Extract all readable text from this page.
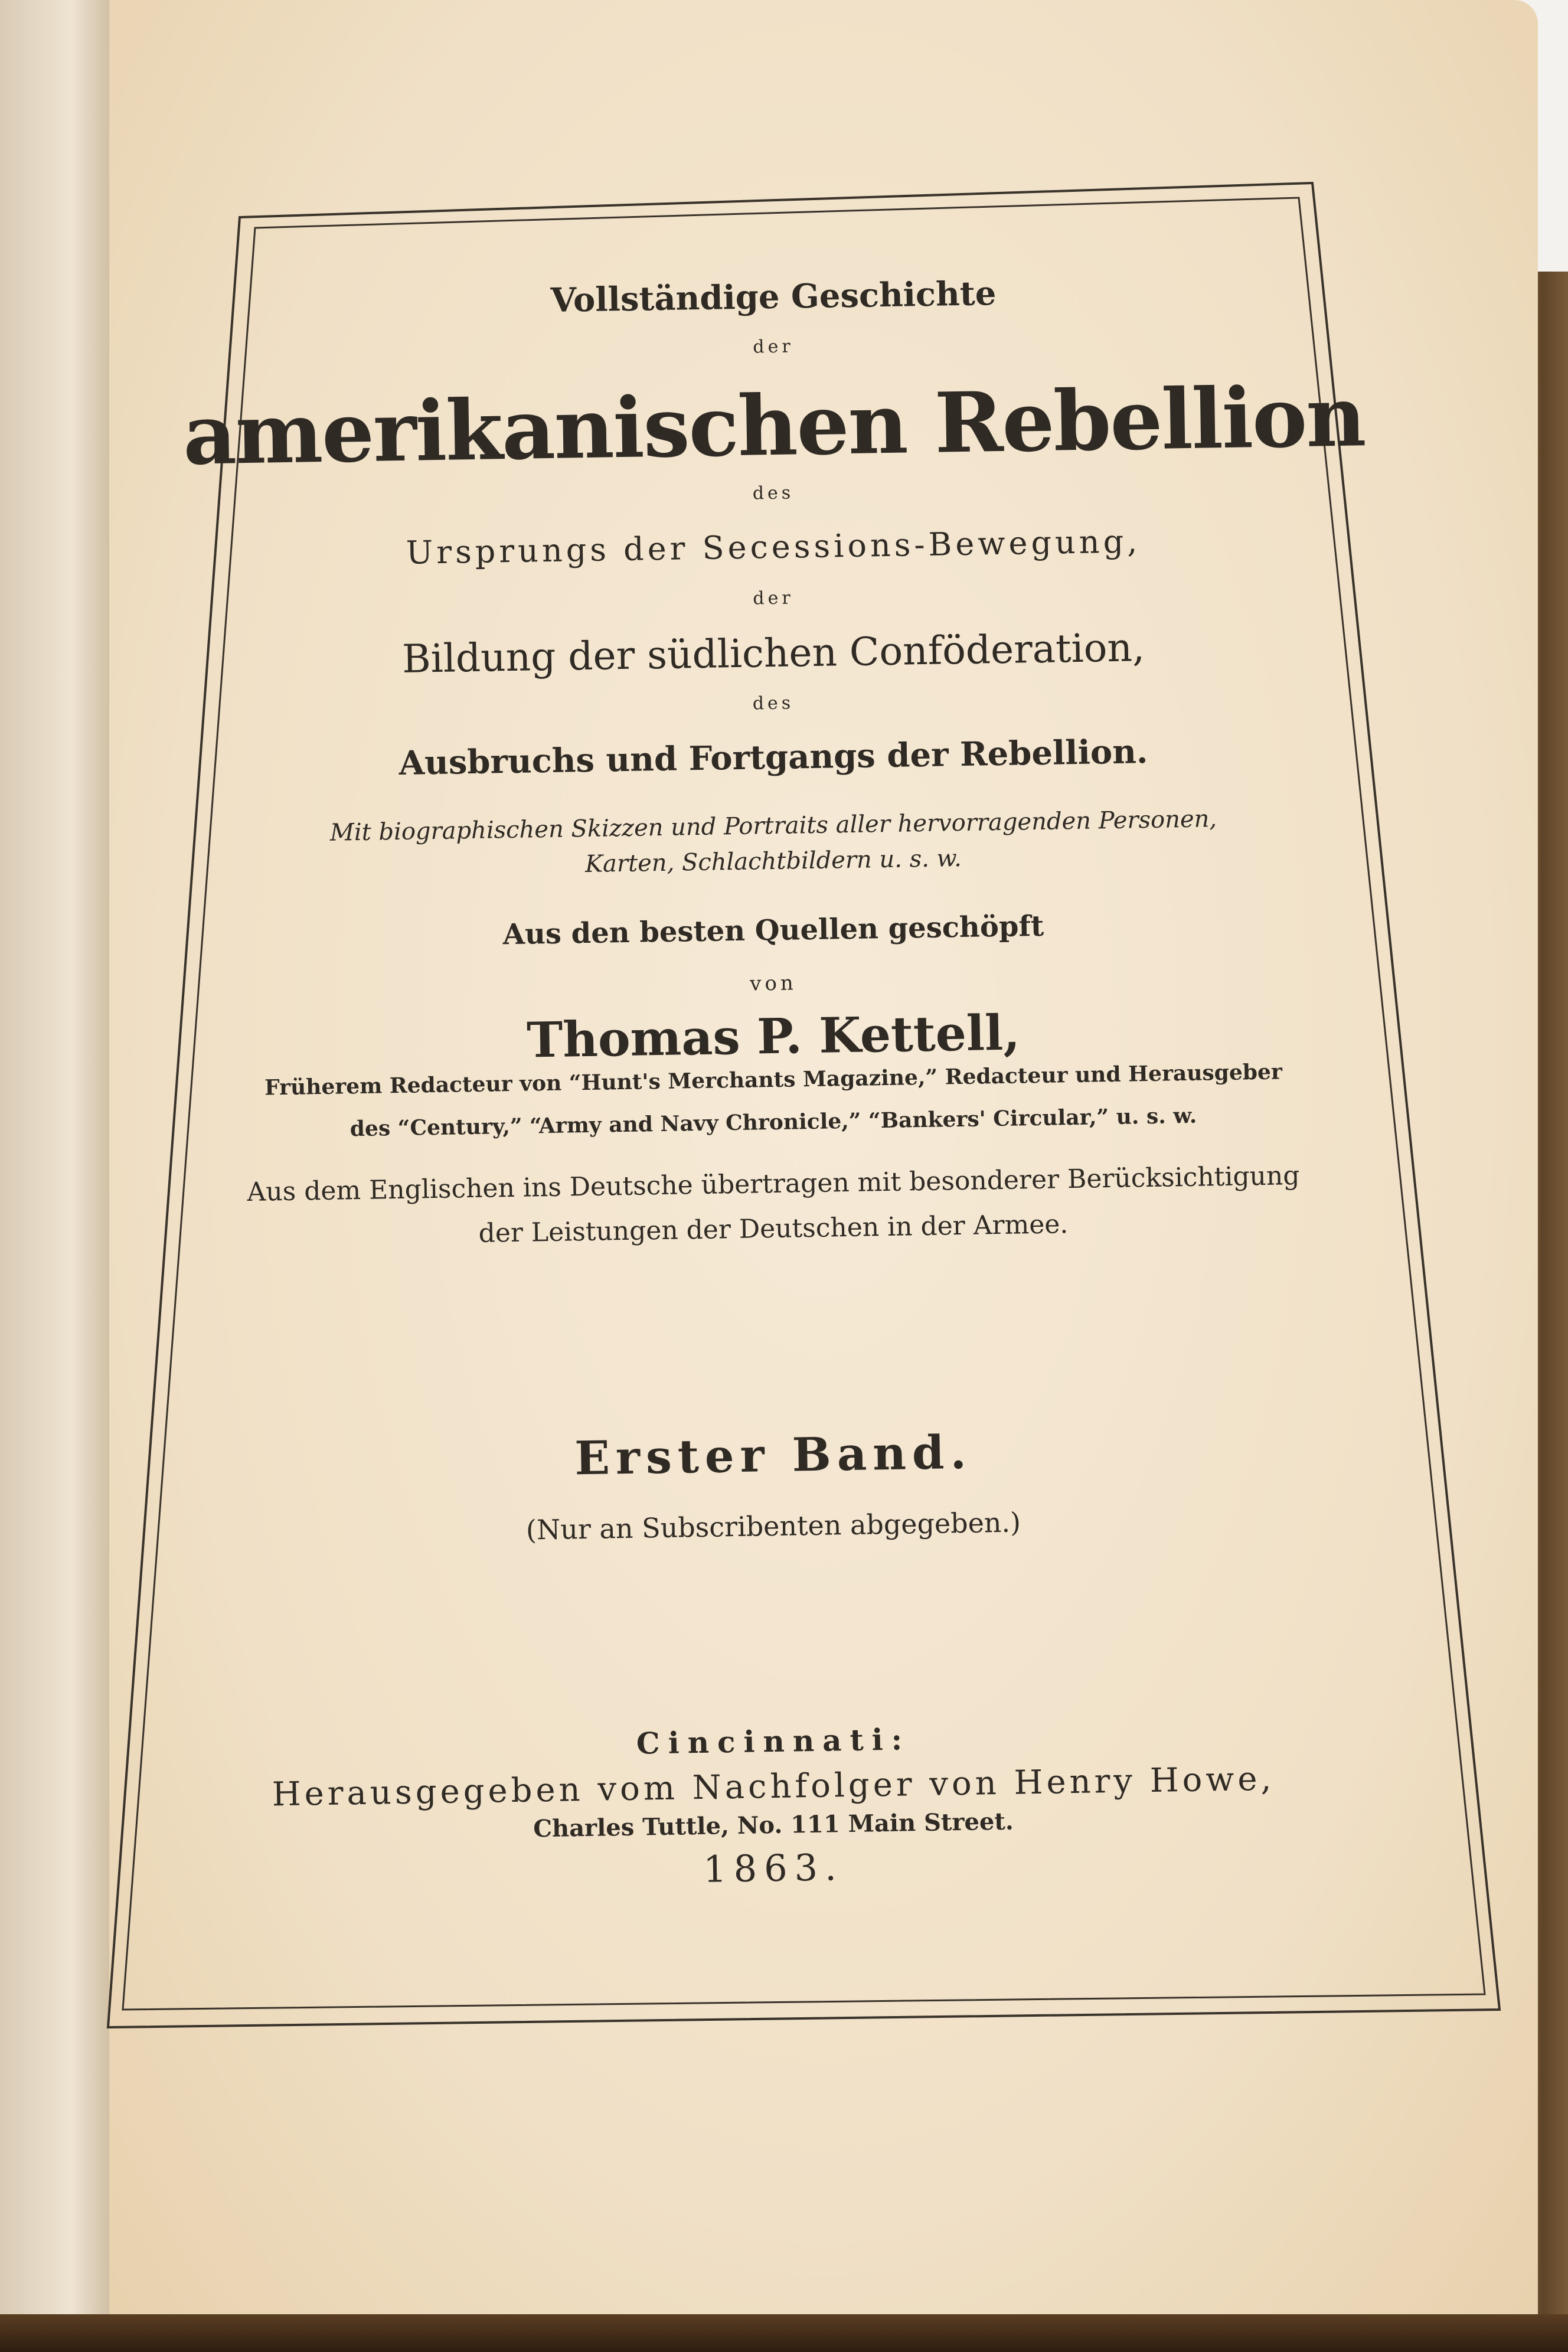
Vollständige Geschichte
der
amerikanischen Rebellion
des
Ursprungs der Secessions-Bewegung,
der
Bildung der südlichen Conföderation,
des
Ausbruchs und Fortgangs der Rebellion.
Mit biographischen Skizzen und Portraits aller hervorragenden Personen,
Karten, Schlachtbildern u. s. w.
Aus den besten Quellen geschöpft
von
Thomas P. Kettell,
Früherem Redacteur von “Hunt's Merchants Magazine,” Redacteur und Herausgeber
des “Century,” “Army and Navy Chronicle,” “Bankers' Circular,” u. s. w.
Aus dem Englischen ins Deutsche übertragen mit besonderer Berücksichtigung
der Leistungen der Deutschen in der Armee.
Erster Band.
(Nur an Subscribenten abgegeben.)
Cincinnati:
Herausgegeben vom Nachfolger von Henry Howe,
Charles Tuttle, No. 111 Main Street.
1863.
